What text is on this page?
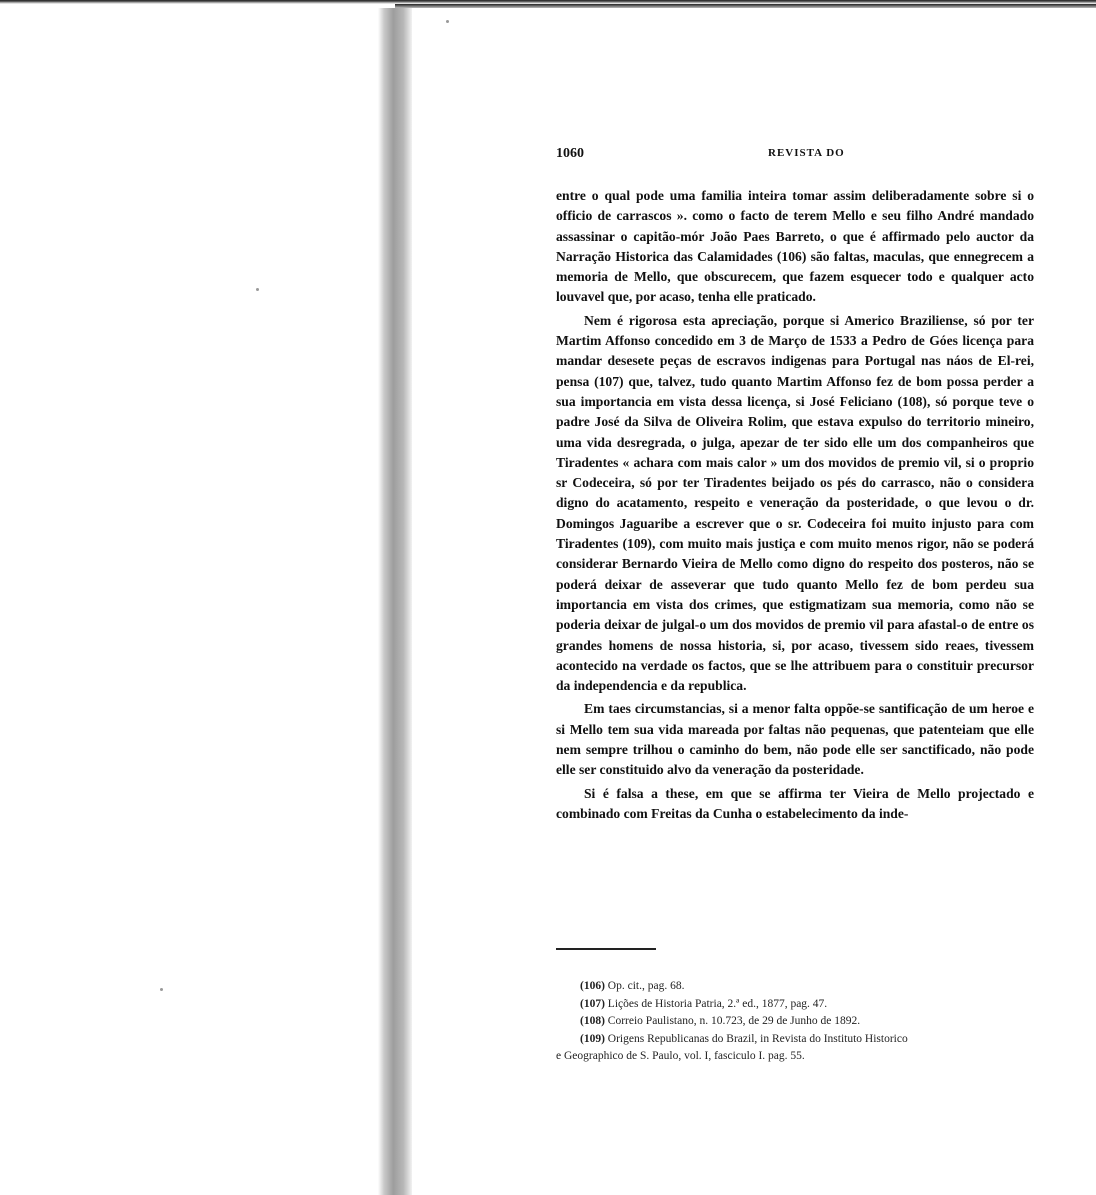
1060	REVISTA DO

entre o qual pode uma familia inteira tomar assim deliberadamente sobre si o officio de carrascos ». como o facto de terem Mello e seu filho André mandado assassinar o capitão-mór João Paes Barreto, o que é affirmado pelo auctor da Narração Historica das Calamidades (106) são faltas, maculas, que ennegrecem a memoria de Mello, que obscurecem, que fazem esquecer todo e qualquer acto louvavel que, por acaso, tenha elle praticado.

Nem é rigorosa esta apreciação, porque si Americo Braziliense, só por ter Martim Affonso concedido em 3 de Março de 1533 a Pedro de Góes licença para mandar desesete peças de escravos indigenas para Portugal nas náos de El-rei, pensa (107) que, talvez, tudo quanto Martim Affonso fez de bom possa perder a sua importancia em vista dessa licença, si José Feliciano (108), só porque teve o padre José da Silva de Oliveira Rolim, que estava expulso do territorio mineiro, uma vida desregrada, o julga, apezar de ter sido elle um dos companheiros que Tiradentes « achara com mais calor » um dos movidos de premio vil, si o proprio sr Codeceira, só por ter Tiradentes beijado os pés do carrasco, não o considera digno do acatamento, respeito e veneração da posteridade, o que levou o dr. Domingos Jaguaribe a escrever que o sr. Codeceira foi muito injusto para com Tiradentes (109), com muito mais justiça e com muito menos rigor, não se poderá considerar Bernardo Vieira de Mello como digno do respeito dos posteros, não se poderá deixar de asseverar que tudo quanto Mello fez de bom perdeu sua importancia em vista dos crimes, que estigmatizam sua memoria, como não se poderia deixar de julgal-o um dos movidos de premio vil para afastal-o de entre os grandes homens de nossa historia, si, por acaso, tivessem sido reaes, tivessem acontecido na verdade os factos, que se lhe attribuem para o constituir precursor da independencia e da republica.

Em taes circumstancias, si a menor falta oppõe-se santificação de um heroe e si Mello tem sua vida mareada por faltas não pequenas, que patenteiam que elle nem sempre trilhou o caminho do bem, não pode elle ser sanctificado, não pode elle ser constituido alvo da veneração da posteridade.

Si é falsa a these, em que se affirma ter Vieira de Mello projectado e combinado com Freitas da Cunha o estabelecimento da inde-

(106) Op. cit., pag. 68.

(107) Lições de Historia Patria, 2.ª ed., 1877, pag. 47.

(108) Correio Paulistano, n. 10.723, de 29 de Junho de 1892.

(109) Origens Republicanas do Brazil, in Revista do Instituto Historico

e Geographico de S. Paulo, vol. I, fasciculo I. pag. 55.
